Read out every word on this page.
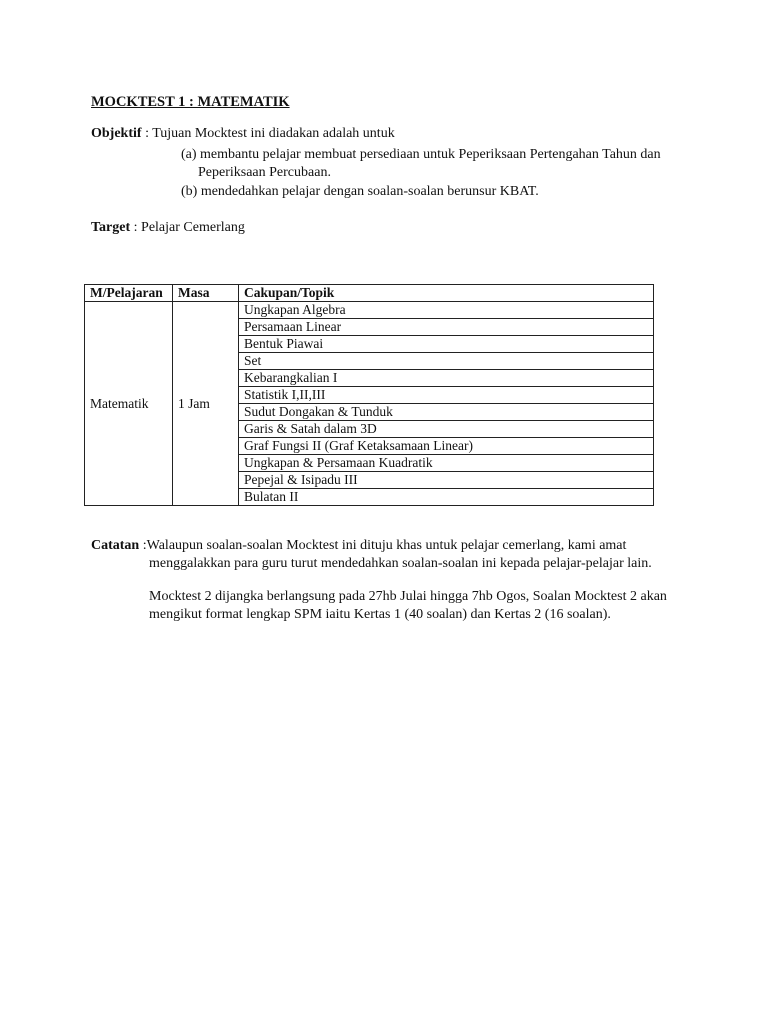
MOCKTEST 1 : MATEMATIK
Objektif : Tujuan Mocktest ini diadakan adalah untuk
(a) membantu pelajar membuat persediaan untuk Peperiksaan Pertengahan Tahun dan
Peperiksaan Percubaan.
(b) mendedahkan pelajar dengan soalan-soalan berunsur KBAT.
Target : Pelajar Cemerlang
M/Pelajaran	Masa	Cakupan/Topik
Matematik	1 Jam	Ungkapan Algebra
		Persamaan Linear
		Bentuk Piawai
		Set
		Kebarangkalian I
		Statistik I,II,III
		Sudut Dongakan & Tunduk
		Garis & Satah dalam 3D
		Graf Fungsi II (Graf Ketaksamaan Linear)
		Ungkapan & Persamaan Kuadratik
		Pepejal & Isipadu III
		Bulatan II
Catatan :Walaupun soalan-soalan Mocktest ini dituju khas untuk pelajar cemerlang, kami amat
menggalakkan para guru turut mendedahkan soalan-soalan ini kepada pelajar-pelajar lain.
Mocktest 2 dijangka berlangsung pada 27hb Julai hingga 7hb Ogos, Soalan Mocktest 2 akan
mengikut format lengkap SPM iaitu Kertas 1 (40 soalan) dan Kertas 2 (16 soalan).
